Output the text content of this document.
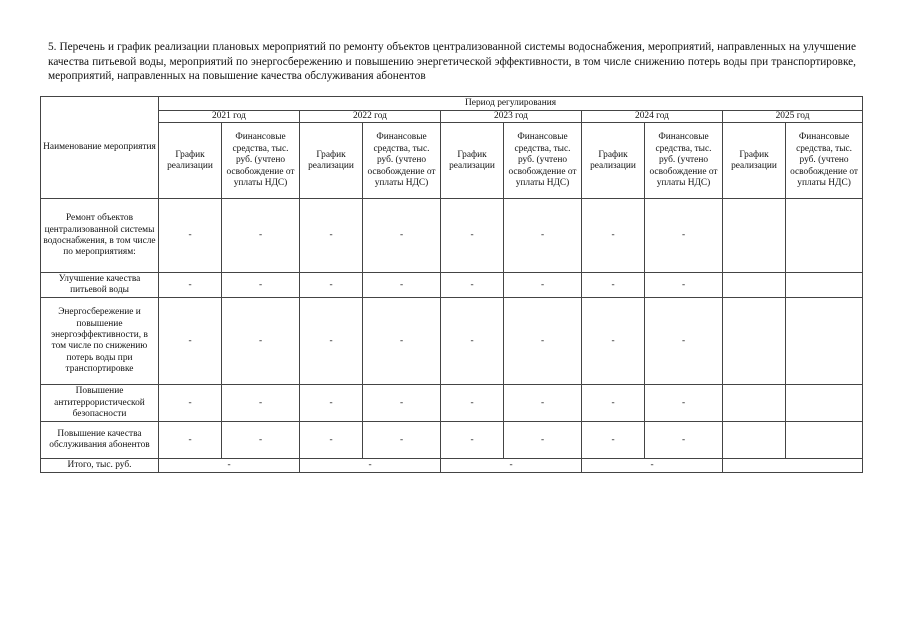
5. Перечень и график реализации плановых мероприятий по ремонту объектов централизованной системы водоснабжения, мероприятий, направленных на улучшение качества питьевой воды, мероприятий по энергосбережению и повышению энергетической эффективности, в том числе снижению потерь воды при транспортировке, мероприятий, направленных на повышение качества обслуживания абонентов
Наименование мероприятия	Период регулирования									
	2021 год		2022 год		2023 год		2024 год		2025 год	
	График реализации	Финансовые средства, тыс. руб. (учтено освобождение от уплаты НДС)	График реализации	Финансовые средства, тыс. руб. (учтено освобождение от уплаты НДС)	График реализации	Финансовые средства, тыс. руб. (учтено освобождение от уплаты НДС)	График реализации	Финансовые средства, тыс. руб. (учтено освобождение от уплаты НДС)	График реализации	Финансовые средства, тыс. руб. (учтено освобождение от уплаты НДС)
Ремонт объектов централизованной системы водоснабжения, в том числе по мероприятиям:	-	-	-	-	-	-	-	-		
Улучшение качества питьевой воды	-	-	-	-	-	-	-	-		
Энергосбережение и повышение энергоэффективности, в том числе по снижению потерь воды при транспортировке	-	-	-	-	-	-	-	-		
Повышение антитеррористической безопасности	-	-	-	-	-	-	-	-		
Повышение качества обслуживания абонентов	-	-	-	-	-	-	-	-		
Итого, тыс. руб.	-		-		-		-			
